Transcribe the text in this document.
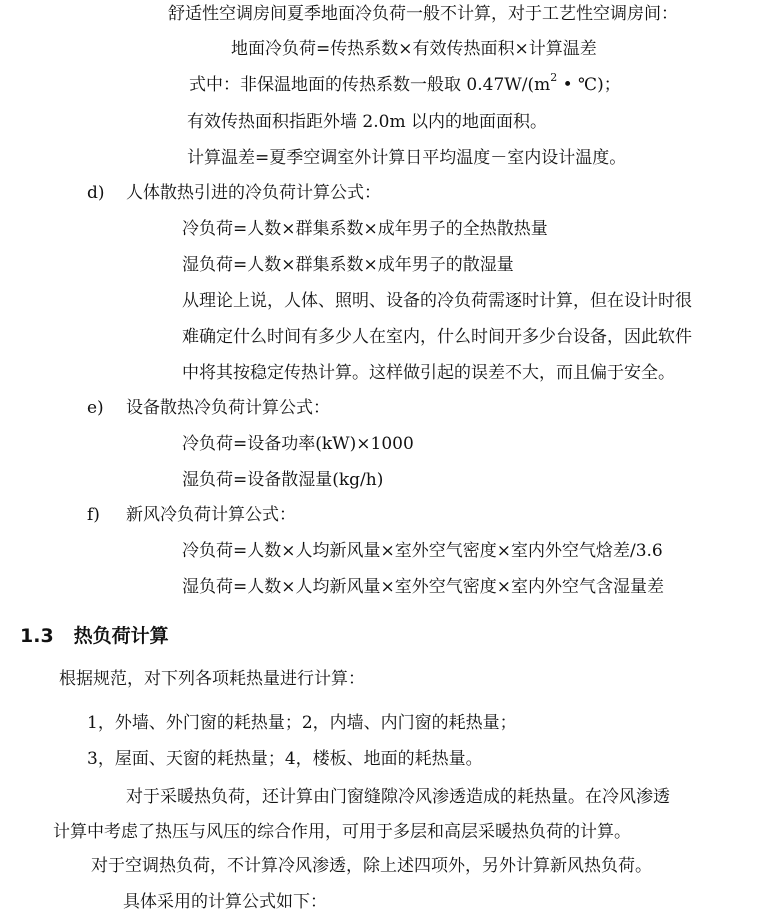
舒适性空调房间夏季地面冷负荷一般不计算，对于工艺性空调房间：
地面冷负荷=传热系数×有效传热面积×计算温差
式中：非保温地面的传热系数一般取 $0.47W/(m^2$ • ℃)；
有效传热面积指距外墙 2.0m 以内的地面面积。
计算温差=夏季空调室外计算日平均温度－室内设计温度。
d) 人体散热引进的冷负荷计算公式：
冷负荷=人数×群集系数×成年男子的全热散热量
湿负荷=人数×群集系数×成年男子的散湿量
从理论上说，人体、照明、设备的冷负荷需逐时计算，但在设计时很
难确定什么时间有多少人在室内，什么时间开多少台设备，因此软件
中将其按稳定传热计算。这样做引起的误差不大，而且偏于安全。
e) 设备散热冷负荷计算公式：
冷负荷=设备功率(kW)×1000
湿负荷=设备散湿量(kg/h)
f) 新风冷负荷计算公式：
冷负荷=人数×人均新风量×室外空气密度×室内外空气焓差/3.6
湿负荷=人数×人均新风量×室外空气密度×室内外空气含湿量差
1.3 热负荷计算
根据规范，对下列各项耗热量进行计算：
1，外墙、外门窗的耗热量；2，内墙、内门窗的耗热量；
3，屋面、天窗的耗热量；4，楼板、地面的耗热量。
对于采暖热负荷，还计算由门窗缝隙冷风渗透造成的耗热量。在冷风渗透
计算中考虑了热压与风压的综合作用，可用于多层和高层采暖热负荷的计算。
对于空调热负荷，不计算冷风渗透，除上述四项外，另外计算新风热负荷。
具体采用的计算公式如下：
